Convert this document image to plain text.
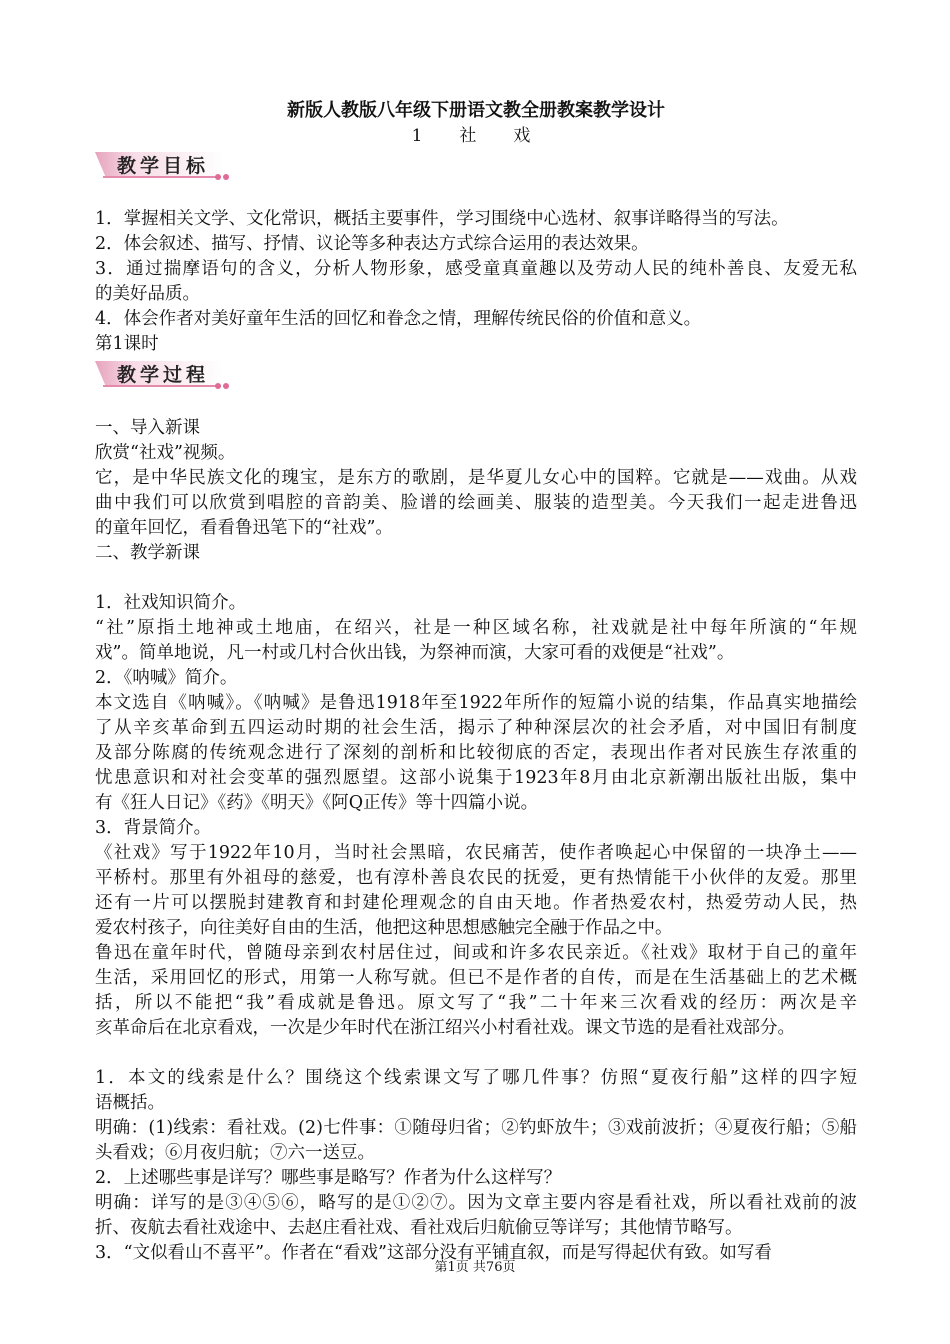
新版人教版八年级下册语文教全册教案教学设计
1　社　戏
教学目标
1．掌握相关文学、文化常识，概括主要事件，学习围绕中心选材、叙事详略得当的写法。
2．体会叙述、描写、抒情、议论等多种表达方式综合运用的表达效果。
3．通过揣摩语句的含义，分析人物形象，感受童真童趣以及劳动人民的纯朴善良、友爱无私
的美好品质。
4．体会作者对美好童年生活的回忆和眷念之情，理解传统民俗的价值和意义。
第1课时
教学过程
一、导入新课
欣赏“社戏”视频。
它，是中华民族文化的瑰宝，是东方的歌剧，是华夏儿女心中的国粹。它就是——戏曲。从戏
曲中我们可以欣赏到唱腔的音韵美、脸谱的绘画美、服装的造型美。今天我们一起走进鲁迅
的童年回忆，看看鲁迅笔下的“社戏”。
二、教学新课
1．社戏知识简介。
“社”原指土地神或土地庙，在绍兴，社是一种区域名称，社戏就是社中每年所演的“年规
戏”。简单地说，凡一村或几村合伙出钱，为祭神而演，大家可看的戏便是“社戏”。
2．《呐喊》简介。
本文选自《呐喊》。《呐喊》是鲁迅1918年至1922年所作的短篇小说的结集，作品真实地描绘
了从辛亥革命到五四运动时期的社会生活，揭示了种种深层次的社会矛盾，对中国旧有制度
及部分陈腐的传统观念进行了深刻的剖析和比较彻底的否定，表现出作者对民族生存浓重的
忧患意识和对社会变革的强烈愿望。这部小说集于1923年8月由北京新潮出版社出版，集中
有《狂人日记》《药》《明天》《阿Q正传》等十四篇小说。
3．背景简介。
《社戏》写于1922年10月，当时社会黑暗，农民痛苦，使作者唤起心中保留的一块净土——
平桥村。那里有外祖母的慈爱，也有淳朴善良农民的抚爱，更有热情能干小伙伴的友爱。那里
还有一片可以摆脱封建教育和封建伦理观念的自由天地。作者热爱农村，热爱劳动人民，热
爱农村孩子，向往美好自由的生活，他把这种思想感触完全融于作品之中。
鲁迅在童年时代，曾随母亲到农村居住过，间或和许多农民亲近。《社戏》取材于自己的童年
生活，采用回忆的形式，用第一人称写就。但已不是作者的自传，而是在生活基础上的艺术概
括，所以不能把“我”看成就是鲁迅。原文写了“我”二十年来三次看戏的经历：两次是辛
亥革命后在北京看戏，一次是少年时代在浙江绍兴小村看社戏。课文节选的是看社戏部分。
1．本文的线索是什么？围绕这个线索课文写了哪几件事？仿照“夏夜行船”这样的四字短
语概括。
明确：(1)线索：看社戏。(2)七件事：①随母归省；②钓虾放牛；③戏前波折；④夏夜行船；⑤船
头看戏；⑥月夜归航；⑦六一送豆。
2．上述哪些事是详写？哪些事是略写？作者为什么这样写？
明确：详写的是③④⑤⑥，略写的是①②⑦。因为文章主要内容是看社戏，所以看社戏前的波
折、夜航去看社戏途中、去赵庄看社戏、看社戏后归航偷豆等详写；其他情节略写。
3．“文似看山不喜平”。作者在“看戏”这部分没有平铺直叙，而是写得起伏有致。如写看
第1页 共76页
